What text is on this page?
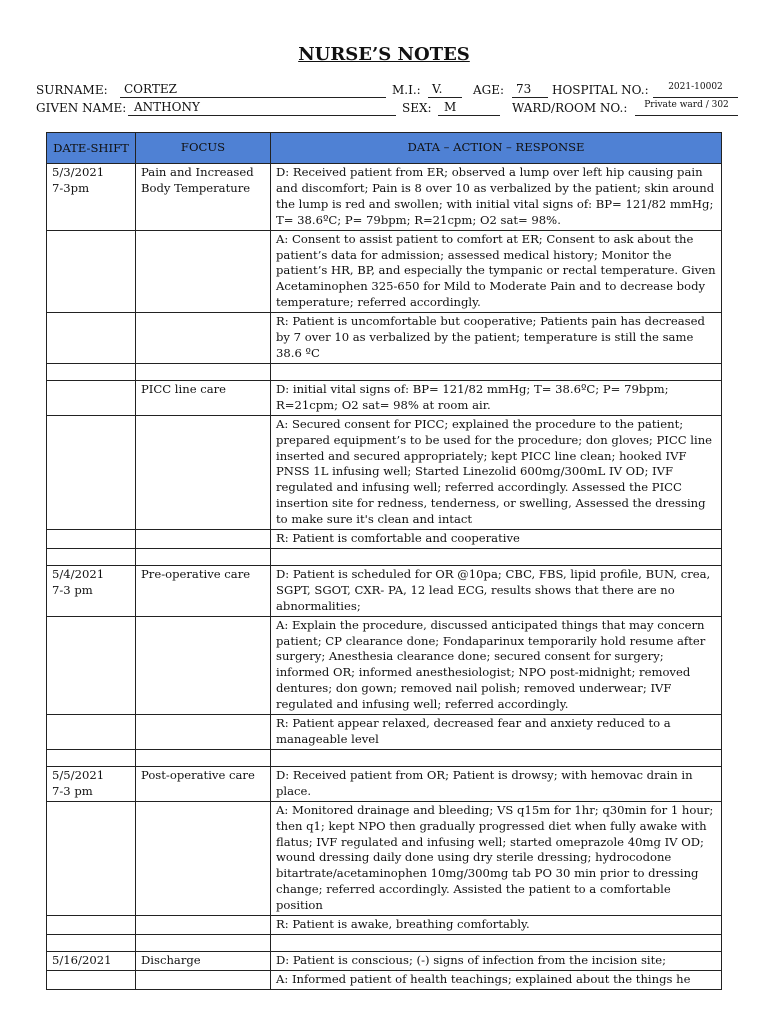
NURSE’S NOTES
SURNAME:	CORTEZ	M.I.: V.	AGE: 73	HOSPITAL NO.:	2021-10002
GIVEN NAME: ANTHONY	SEX:	M	WARD/ROOM NO.:	Private ward / 302
DATE-SHIFT	FOCUS	DATA – ACTION – RESPONSE
5/3/2021
7-3pm	Pain and Increased Body Temperature	D: Received patient from ER; observed a lump over left hip causing pain and discomfort; Pain is 8 over 10 as verbalized by the patient; skin around the lump is red and swollen; with initial vital signs of: BP= 121/82 mmHg; T= 38.6ºC; P= 79bpm; R=21cpm; O2 sat= 98%.
		A: Consent to assist patient to comfort at ER; Consent to ask about the patient’s data for admission; assessed medical history; Monitor the patient’s HR, BP, and especially the tympanic or rectal temperature. Given Acetaminophen 325-650 for Mild to Moderate Pain and to decrease body temperature; referred accordingly.
		R: Patient is uncomfortable but cooperative; Patients pain has decreased by 7 over 10 as verbalized by the patient; temperature is still the same 38.6 ºC

	PICC line care	D: initial vital signs of: BP= 121/82 mmHg; T= 38.6ºC; P= 79bpm; R=21cpm; O2 sat= 98% at room air.
		A: Secured consent for PICC; explained the procedure to the patient; prepared equipment’s to be used for the procedure; don gloves; PICC line inserted and secured appropriately; kept PICC line clean; hooked IVF PNSS 1L infusing well; Started Linezolid 600mg/300mL IV OD; IVF regulated and infusing well; referred accordingly. Assessed the PICC insertion site for redness, tenderness, or swelling, Assessed the dressing to make sure it's clean and intact
		R: Patient is comfortable and cooperative

5/4/2021
7-3 pm	Pre-operative care	D: Patient is scheduled for OR @10pa; CBC, FBS, lipid profile, BUN, crea, SGPT, SGOT, CXR- PA, 12 lead ECG, results shows that there are no abnormalities;
		A: Explain the procedure, discussed anticipated things that may concern patient; CP clearance done; Fondaparinux temporarily hold resume after surgery; Anesthesia clearance done; secured consent for surgery; informed OR; informed anesthesiologist; NPO post-midnight; removed dentures; don gown; removed nail polish; removed underwear; IVF regulated and infusing well; referred accordingly.
		R: Patient appear relaxed, decreased fear and anxiety reduced to a manageable level

5/5/2021
7-3 pm	Post-operative care	D: Received patient from OR; Patient is drowsy; with hemovac drain in place.
		A: Monitored drainage and bleeding; VS q15m for 1hr; q30min for 1 hour; then q1; kept NPO then gradually progressed diet when fully awake with flatus; IVF regulated and infusing well; started omeprazole 40mg IV OD; wound dressing daily done using dry sterile dressing; hydrocodone bitartrate/acetaminophen 10mg/300mg tab PO 30 min prior to dressing change; referred accordingly. Assisted the patient to a comfortable position
		R: Patient is awake, breathing comfortably.

5/16/2021	Discharge	D: Patient is conscious; (-) signs of infection from the incision site;
		A: Informed patient of health teachings; explained about the things he
